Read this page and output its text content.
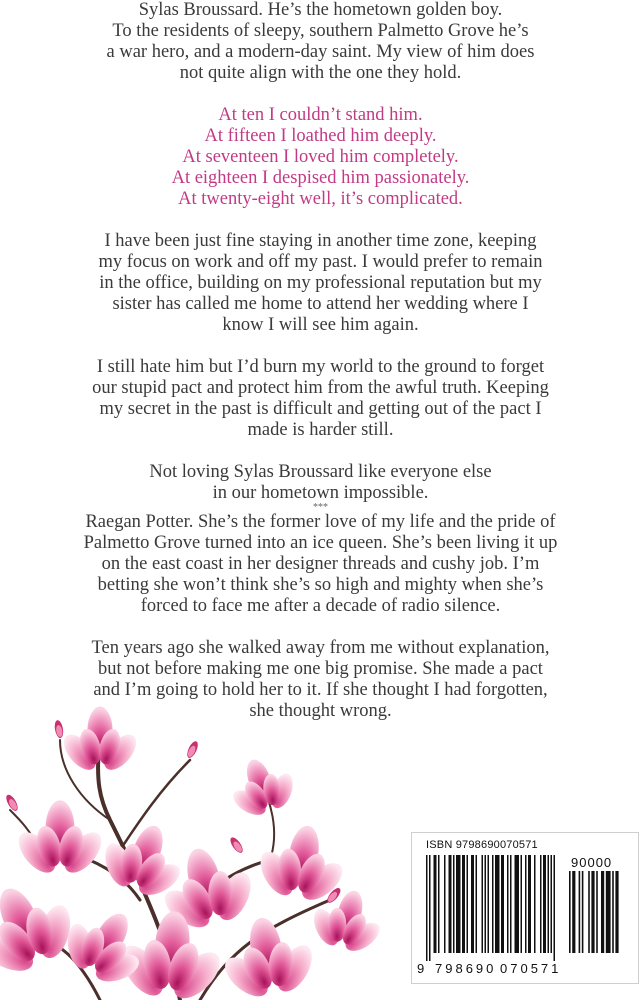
Sylas Broussard. He’s the hometown golden boy.
To the residents of sleepy, southern Palmetto Grove he’s
a war hero, and a modern-day saint. My view of him does
not quite align with the one they hold.
At ten I couldn’t stand him.
At fifteen I loathed him deeply.
At seventeen I loved him completely.
At eighteen I despised him passionately.
At twenty-eight well, it’s complicated.
I have been just fine staying in another time zone, keeping
my focus on work and off my past. I would prefer to remain
in the office, building on my professional reputation but my
sister has called me home to attend her wedding where I
know I will see him again.
I still hate him but I’d burn my world to the ground to forget
our stupid pact and protect him from the awful truth. Keeping
my secret in the past is difficult and getting out of the pact I
made is harder still.
Not loving Sylas Broussard like everyone else
in our hometown impossible.
***
Raegan Potter. She’s the former love of my life and the pride of
Palmetto Grove turned into an ice queen. She’s been living it up
on the east coast in her designer threads and cushy job. I’m
betting she won’t think she’s so high and mighty when she’s
forced to face me after a decade of radio silence.
Ten years ago she walked away from me without explanation,
but not before making me one big promise. She made a pact
and I’m going to hold her to it. If she thought I had forgotten,
she thought wrong.
ISBN 9798690070571
90000
9 798690 070571
